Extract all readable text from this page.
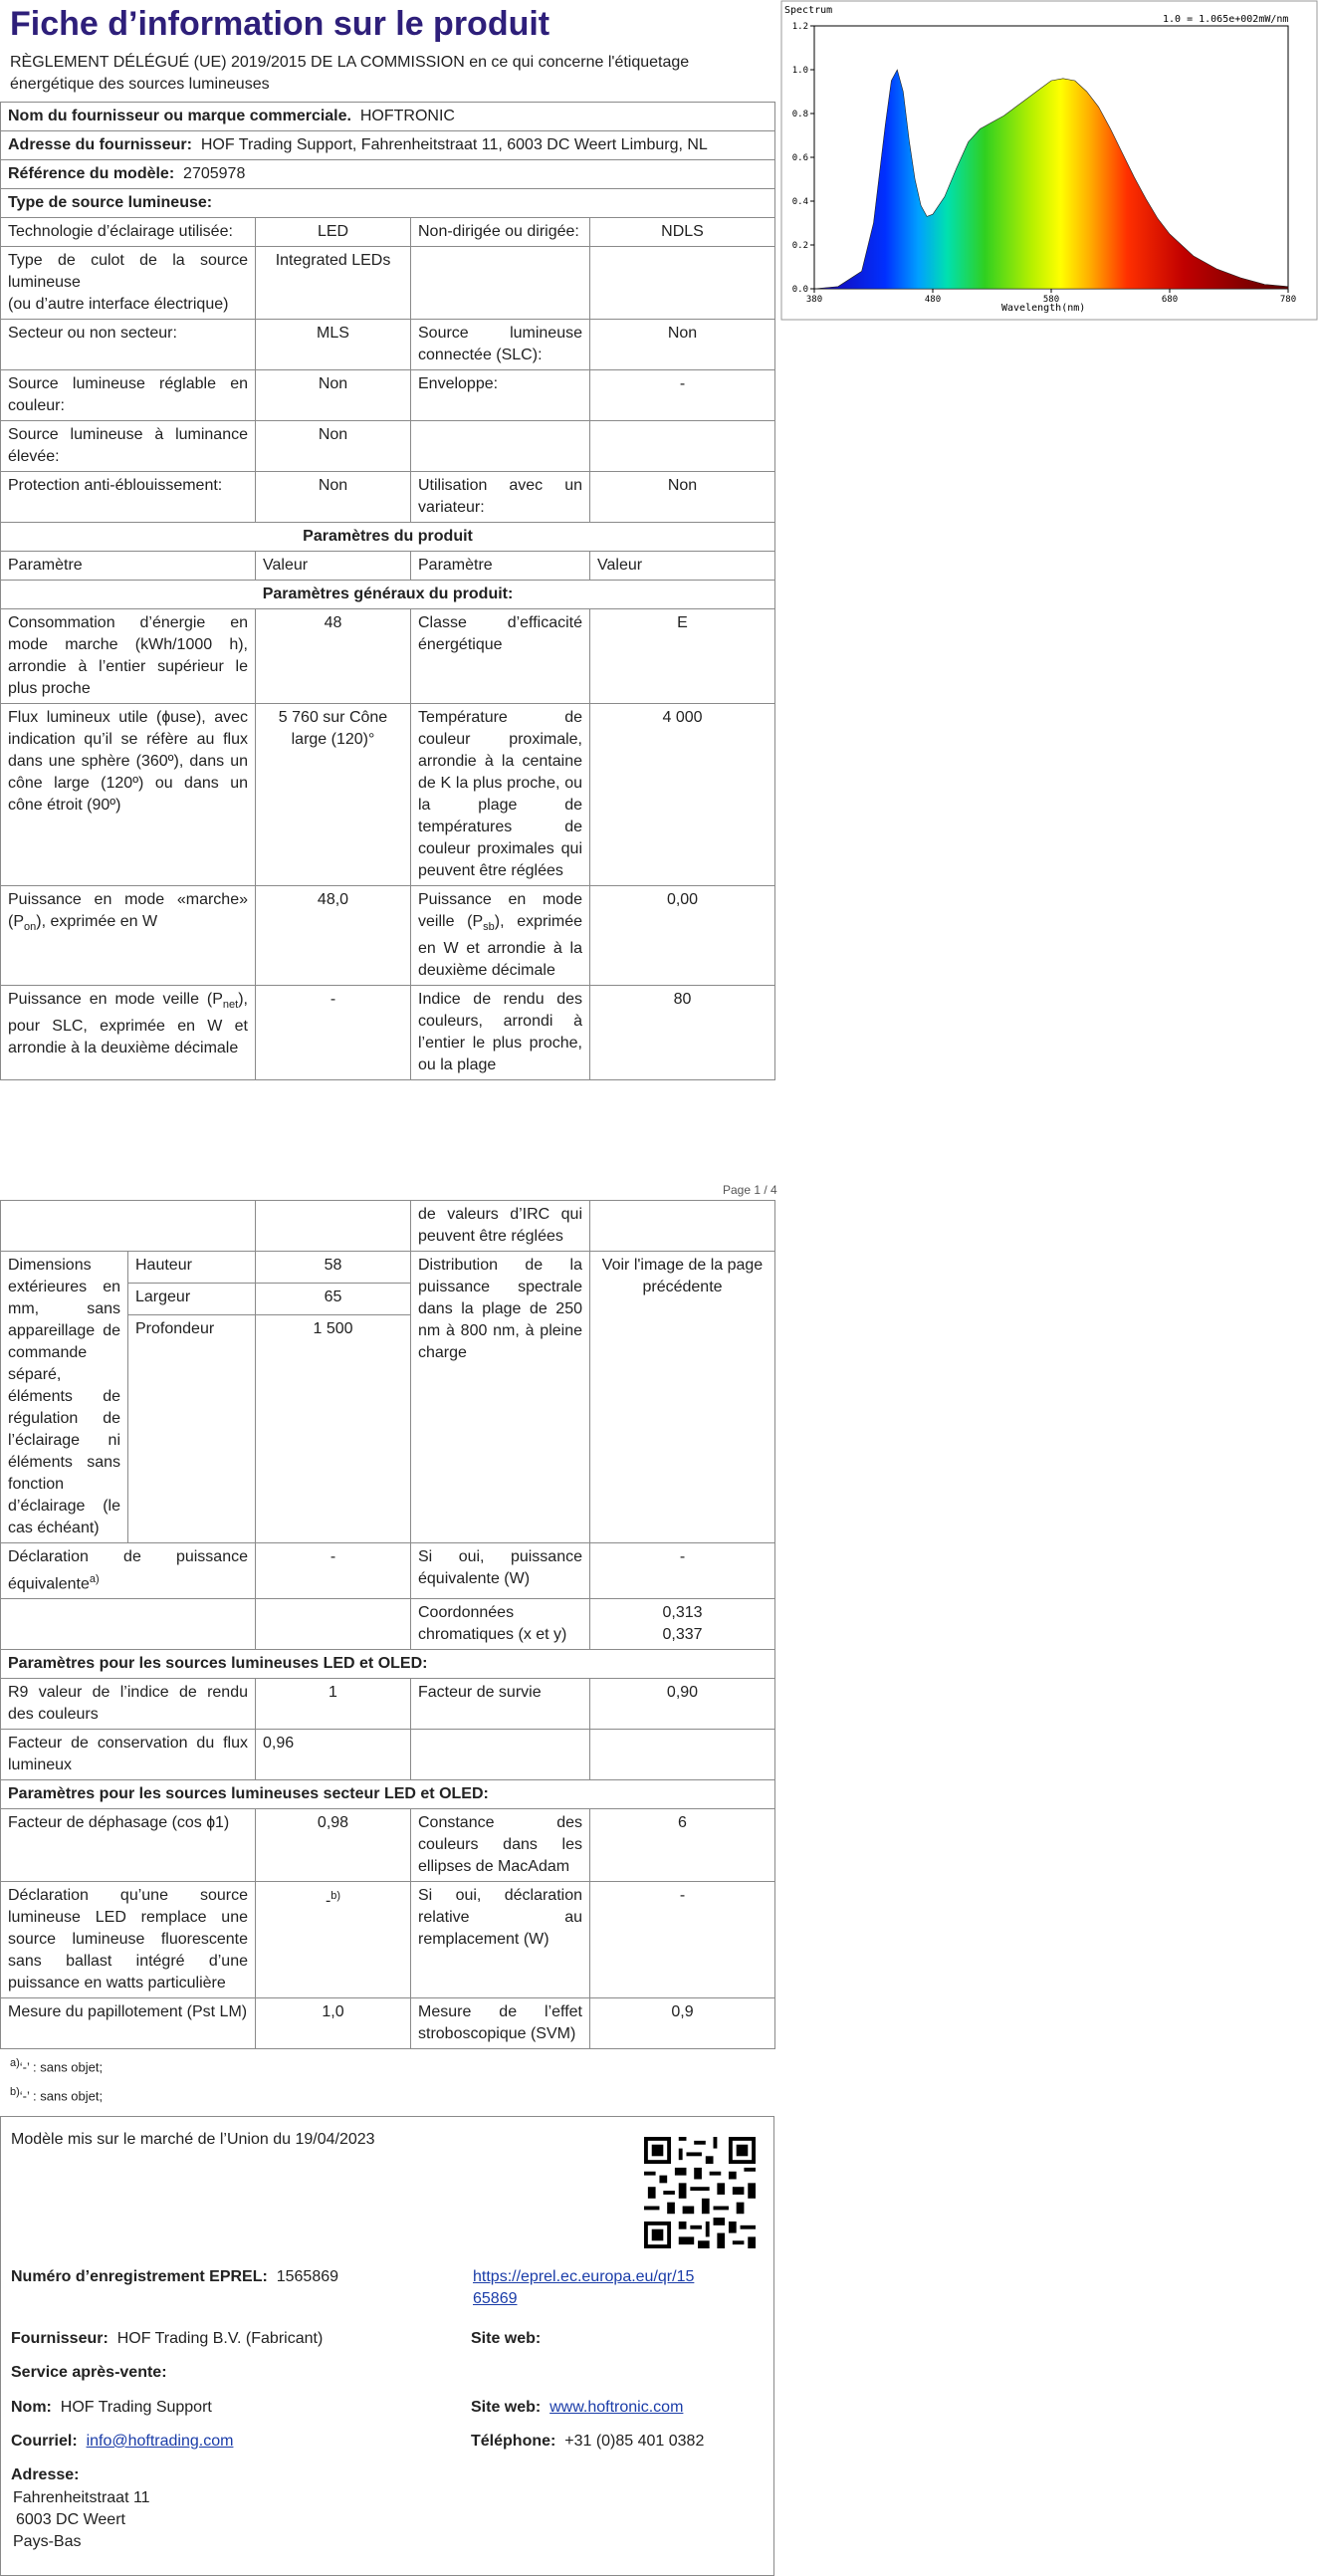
Fiche d’information sur le produit
RÈGLEMENT DÉLÉGUÉ (UE) 2019/2015 DE LA COMMISSION en ce qui concerne l'étiquetage énergétique des sources lumineuses
Nom du fournisseur ou marque commerciale. HOFTRONIC			
Adresse du fournisseur: HOF Trading Support, Fahrenheitstraat 11, 6003 DC Weert Limburg, NL			
Référence du modèle: 2705978			
Type de source lumineuse:			
Technologie d’éclairage utilisée:	LED	Non-dirigée ou dirigée:	NDLS
Type de culot de la source lumineuse
(ou d’autre interface électrique)	Integrated LEDs		
Secteur ou non secteur:	MLS	Source lumineuse connectée (SLC):	Non
Source lumineuse réglable en couleur:	Non	Enveloppe:	-
Source lumineuse à luminance élevée:	Non		
Protection anti-éblouissement:	Non	Utilisation avec un variateur:	Non
Paramètres du produit			
Paramètre	Valeur	Paramètre	Valeur
Paramètres généraux du produit:			
Consommation d’énergie en mode marche (kWh/1000 h), arrondie à l’entier supérieur le plus proche	48	Classe d’efficacité énergétique	E
Flux lumineux utile (ɸuse), avec indication qu’il se réfère au flux dans une sphère (360º), dans un cône large (120º) ou dans un cône étroit (90º)	5 760 sur Cône large (120)°	Température de couleur proximale, arrondie à la centaine de K la plus proche, ou la plage de températures de couleur proximales qui peuvent être réglées	4 000
Puissance en mode «marche» $(P_{on})$, exprimée en W	48,0	Puissance en mode veille $(P_{sb})$, exprimée en W et arrondie à la deuxième décimale	0,00
Puissance en mode veille $(P_{net})$, pour SLC, exprimée en W et arrondie à la deuxième décimale	-	Indice de rendu des couleurs, arrondi à l’entier le plus proche, ou la plage	80
Page 1 / 4
Spectrum
1.0 = 1.065e+002mW/nm
Wavelength(nm)
0.0
0.2
0.4
0.6
0.8
1.0
1.2
380	480	580	680	780
			de valeurs d’IRC qui peuvent être réglées	
Dimensions extérieures en mm, sans appareillage de commande séparé, éléments de régulation de l’éclairage ni éléments sans fonction d’éclairage (le cas échéant)	Hauteur	58	Distribution de la puissance spectrale dans la plage de 250 nm à 800 nm, à pleine charge	Voir l'image de la page précédente
	Largeur	65		
	Profondeur	1 500		
Déclaration de puissance équivalente$^{a)}$		-	Si oui, puissance équivalente (W)	-
			Coordonnées chromatiques (x et y)	0,313
0,337
Paramètres pour les sources lumineuses LED et OLED:				
R9 valeur de l’indice de rendu des couleurs		1	Facteur de survie	0,90
Facteur de conservation du flux lumineux		0,96		
Paramètres pour les sources lumineuses secteur LED et OLED:				
Facteur de déphasage (cos ɸ1)		0,98	Constance des couleurs dans les ellipses de MacAdam	6
Déclaration qu’une source lumineuse LED remplace une source lumineuse fluorescente sans ballast intégré d’une puissance en watts particulière		-$^{b)}$	Si oui, déclaration relative au remplacement (W)	-
Mesure du papillotement (Pst LM)		1,0	Mesure de l’effet stroboscopique (SVM)	0,9
$^{a)}$‘-’ : sans objet;
$^{b)}$‘-’ : sans objet;
Modèle mis sur le marché de l’Union du 19/04/2023
Numéro d’enregistrement EPREL: 1565869	https://eprel.ec.europa.eu/qr/15
65869
Fournisseur: HOF Trading B.V. (Fabricant)	Site web:
Service après-vente:
Nom: HOF Trading Support	Site web: www.hoftronic.com
Courriel: info@hoftrading.com	Téléphone: +31 (0)85 401 0382
Adresse:
Fahrenheitstraat 11
6003 DC Weert
Pays-Bas
